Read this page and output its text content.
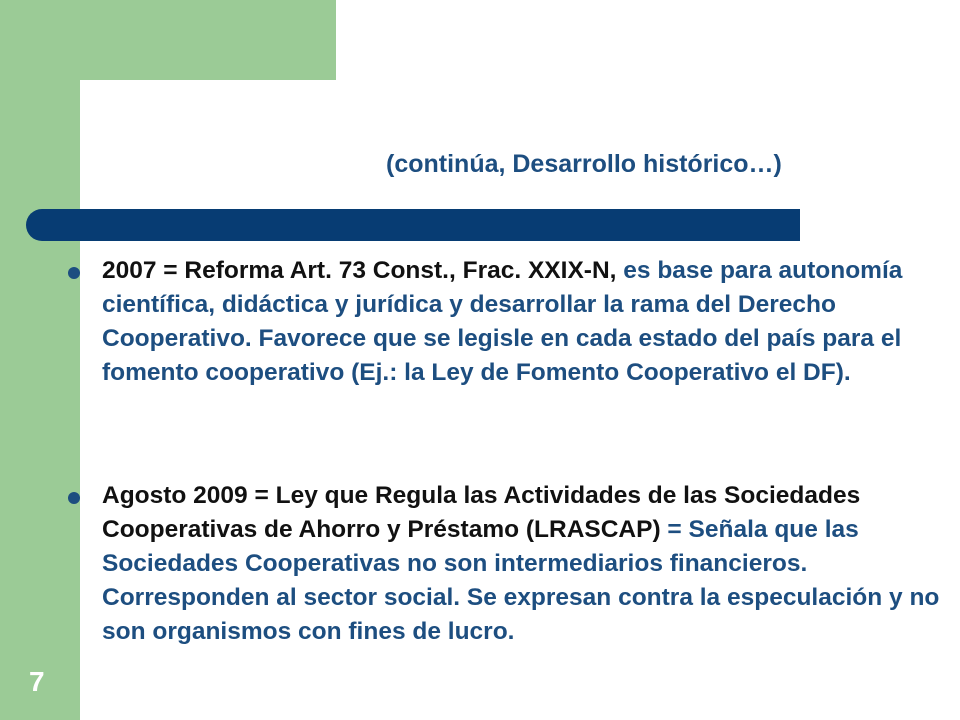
(continúa, Desarrollo histórico…)
2007 = Reforma Art. 73 Const., Frac. XXIX-N, es base para autonomía científica, didáctica y jurídica y desarrollar la rama del Derecho Cooperativo. Favorece que se legisle en cada estado del país para el fomento cooperativo (Ej.: la Ley de Fomento Cooperativo el DF).
Agosto 2009 = Ley que Regula las Actividades de las Sociedades Cooperativas de Ahorro y Préstamo (LRASCAP) = Señala que las Sociedades Cooperativas no son intermediarios financieros. Corresponden al sector social. Se expresan contra la especulación y no son organismos con fines de lucro.
7
